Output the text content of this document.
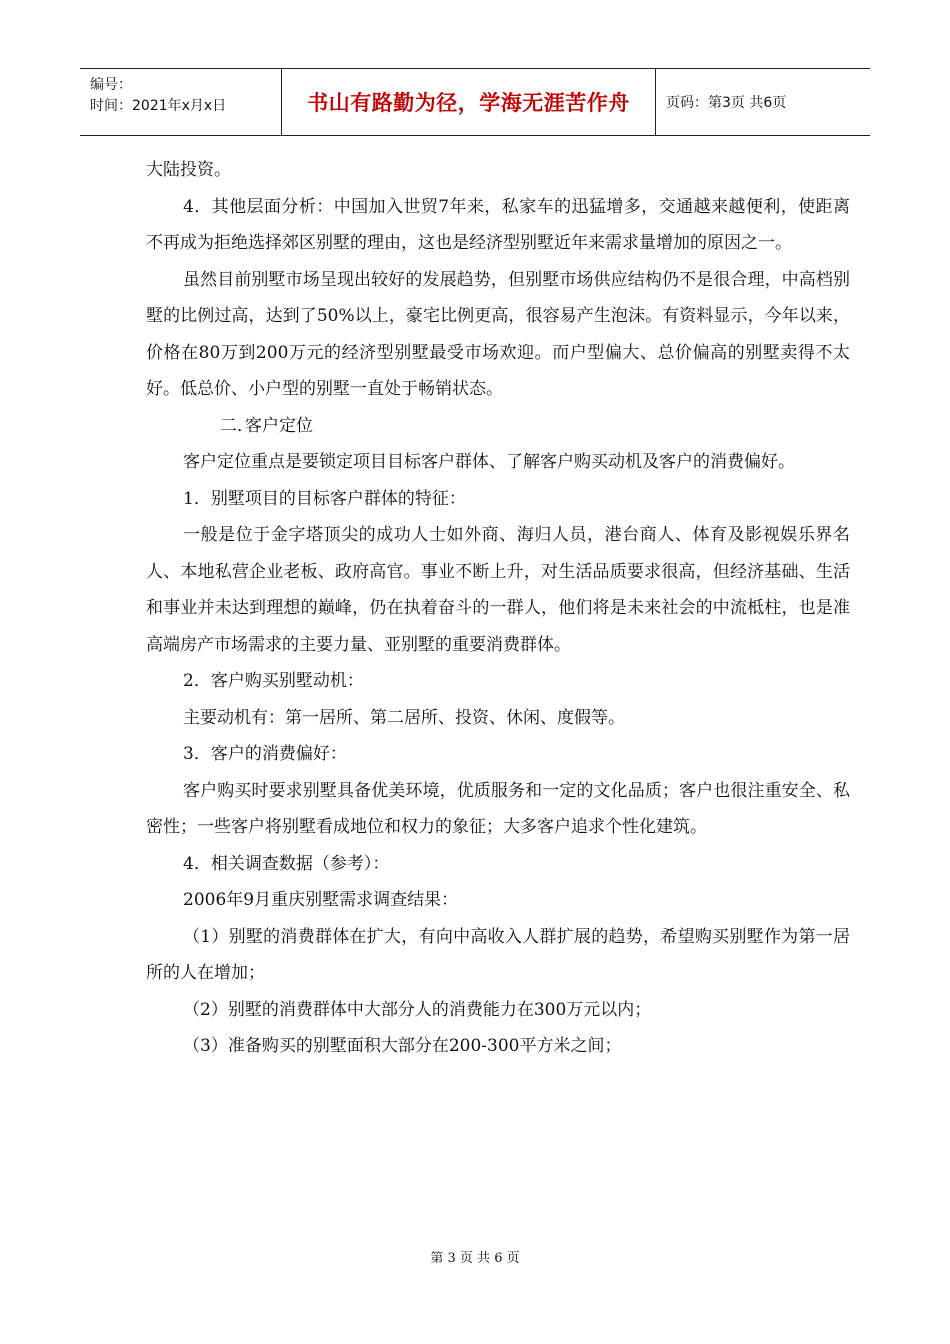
编号：
时间：2021年x月x日	书山有路勤为径，学海无涯苦作舟	页码：第3页 共6页

大陆投资。

4．其他层面分析：中国加入世贸7年来，私家车的迅猛增多，交通越来越便利，使距离不再成为拒绝选择郊区别墅的理由，这也是经济型别墅近年来需求量增加的原因之一。

虽然目前别墅市场呈现出较好的发展趋势，但别墅市场供应结构仍不是很合理，中高档别墅的比例过高，达到了50%以上，豪宅比例更高，很容易产生泡沫。有资料显示，今年以来，价格在80万到200万元的经济型别墅最受市场欢迎。而户型偏大、总价偏高的别墅卖得不太好。低总价、小户型的别墅一直处于畅销状态。

二．客户定位

客户定位重点是要锁定项目目标客户群体、了解客户购买动机及客户的消费偏好。

1．别墅项目的目标客户群体的特征：

一般是位于金字塔顶尖的成功人士如外商、海归人员，港台商人、体育及影视娱乐界名人、本地私营企业老板、政府高官。事业不断上升，对生活品质要求很高，但经济基础、生活和事业并未达到理想的巅峰，仍在执着奋斗的一群人，他们将是未来社会的中流柢柱，也是准高端房产市场需求的主要力量、亚别墅的重要消费群体。

2．客户购买别墅动机：

主要动机有：第一居所、第二居所、投资、休闲、度假等。

3．客户的消费偏好：

客户购买时要求别墅具备优美环境，优质服务和一定的文化品质；客户也很注重安全、私密性；一些客户将别墅看成地位和权力的象征；大多客户追求个性化建筑。

4．相关调查数据（参考）：

2006年9月重庆别墅需求调查结果：

（1）别墅的消费群体在扩大，有向中高收入人群扩展的趋势，希望购买别墅作为第一居所的人在增加；

（2）别墅的消费群体中大部分人的消费能力在300万元以内；

（3）准备购买的别墅面积大部分在200-300平方米之间；

第 3 页 共 6 页
